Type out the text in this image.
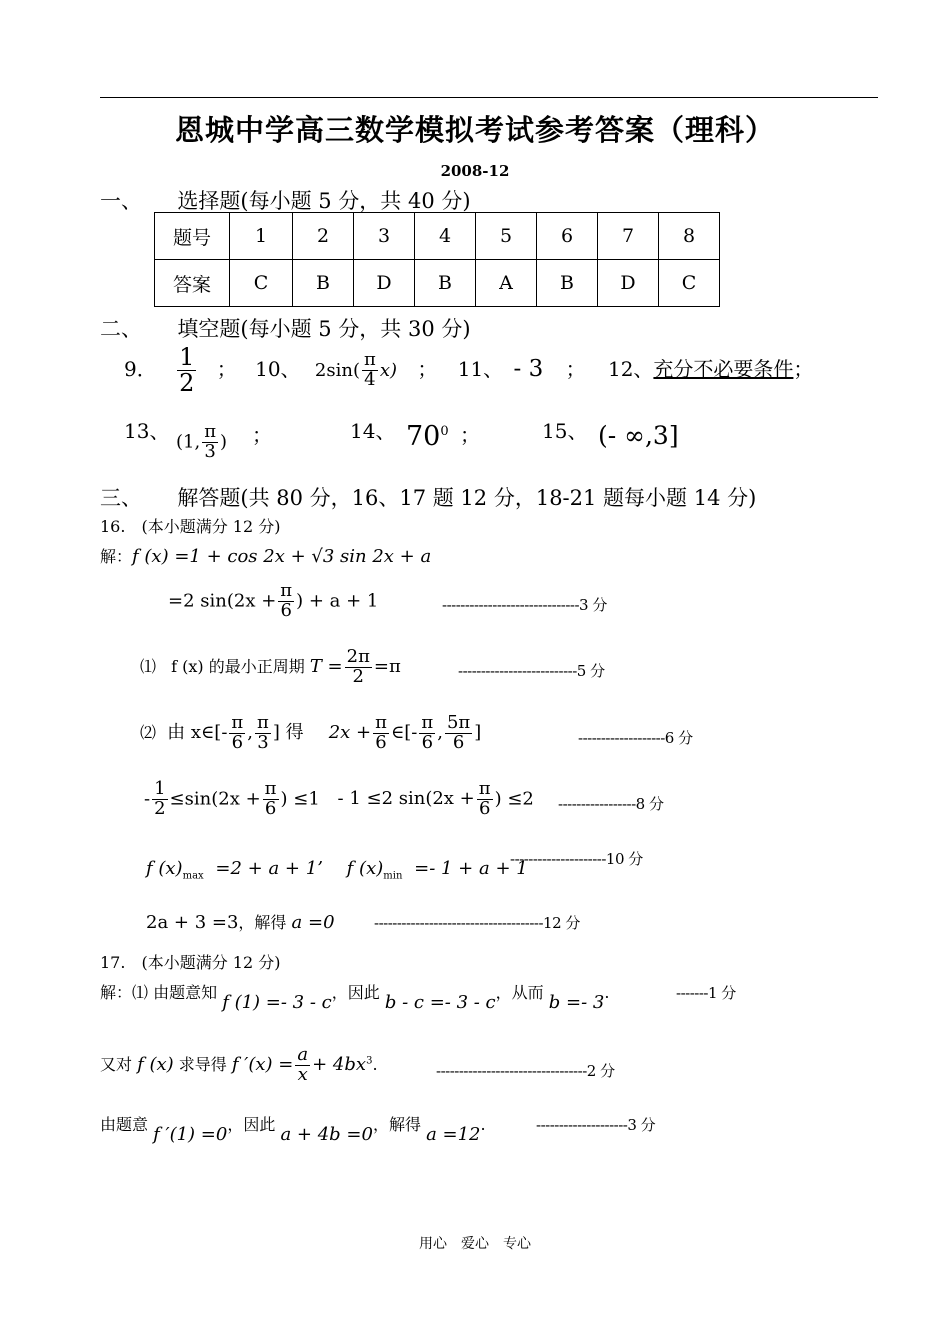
恩城中学高三数学模拟考试参考答案（理科）
2008-12
一、 选择题(每小题 5 分，共 40 分)
题号	1	2	3	4	5	6	7	8
答案	C	B	D	B	A	B	D	C
二、 填空题(每小题 5 分，共 30 分)
9． $\frac{1}{2}$ ； 10、 $2\sin( \frac{\pi}{4} x)$ ； 11、 - 3 ； 12、充分不必要条件；
13、 (1, $\frac{\pi}{3}$ ) ；	14、 $70^0$ ；	15、 (- ∞,3]
三、 解答题(共 80 分，16、17 题 12 分，18-21 题每小题 14 分)
16.　(本小题满分 12 分)
解：f (x) =1 + cos 2x + √3 sin 2x + a
=2 $\sin(2x + \frac{\pi}{6}$ ) + a + 1	------------------------------3 分
⑴ f (x) 的最小正周期 $T = \frac{2\pi}{2} =\pi$	--------------------------5 分
⑵ 由 x∈[- $\frac{\pi}{6}$ , $\frac{\pi}{3}$ ] 得 $2x + \frac{\pi}{6}$ ∈[- $\frac{\pi}{6}$ , $\frac{5\pi}{6}$ ]	-------------------6 分
- $\frac{1}{2} \le\sin(2x + \frac{\pi}{6}$ ) ≤1 - 1 ≤2 $\sin(2x + \frac{\pi}{6}$ ) ≤2 -----------------8 分
f $(x)_{max} =2 + a + 1$’ f $(x)_{min} =- 1 + a + 1$
---------------------10 分
2a + 3 =3，解得 a =0	-------------------------------------12 分
17.　(本小题满分 12 分)
解：⑴ 由题意知 f (1) =- 3 - c，因此 b - c =- 3 - c，从而 b =- 3.	-------1 分
又对 f (x) 求导得 f $'(x) = \frac{a}{x} + 4bx^3$.	---------------------------------2 分
由题意 f ′(1) =0，因此 a + 4b =0，解得 a =12.	--------------------3 分
用心　爱心　专心
